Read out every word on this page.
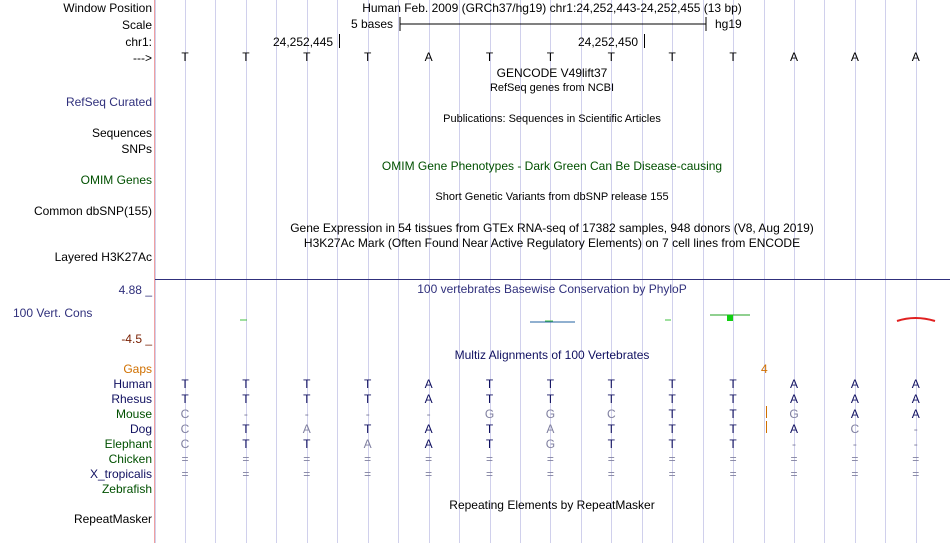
Window Position	Human Feb. 2009 (GRCh37/hg19) chr1:24,252,443-24,252,455 (13 bp)
Scale	5 bases	hg19
chr1:	24,252,445	24,252,450
--->	T	T	T	T	A	T	T	T	T	T	A	A	A
GENCODE V49lift37
RefSeq genes from NCBI
RefSeq Curated
Publications: Sequences in Scientific Articles
Sequences
SNPs
OMIM Gene Phenotypes - Dark Green Can Be Disease-causing
OMIM Genes
Short Genetic Variants from dbSNP release 155
Common dbSNP(155)
Gene Expression in 54 tissues from GTEx RNA-seq of 17382 samples, 948 donors (V8, Aug 2019)
H3K27Ac Mark (Often Found Near Active Regulatory Elements) on 7 cell lines from ENCODE
Layered H3K27Ac
4.88 _	100 vertebrates Basewise Conservation by PhyloP
100 Vert. Cons
-4.5 _
Multiz Alignments of 100 Vertebrates
Gaps	4
Human	T	T	T	T	A	T	T	T	T	T	A	A	A
Rhesus	T	T	T	T	A	T	T	T	T	T	A	A	A
Mouse	C	-	-	-	-	G	G	C	T	T	G	A	A
Dog	C	T	A	T	A	T	A	T	T	T	A	C	-
Elephant	C	T	T	A	A	T	G	T	T	T	-	-	-
Chicken	=	=	=	=	=	=	=	=	=	=	=	=	=
X_tropicalis	=	=	=	=	=	=	=	=	=	=	=	=	=
Zebrafish
Repeating Elements by RepeatMasker
RepeatMasker
